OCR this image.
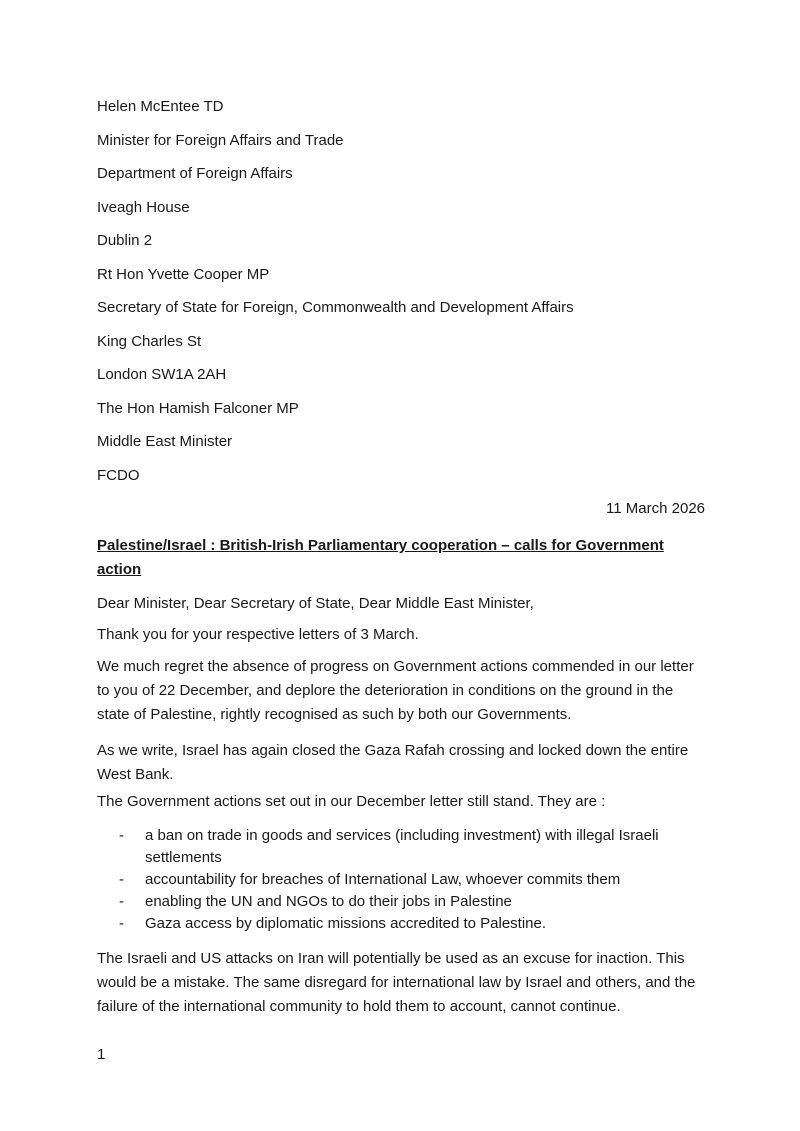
Helen McEntee TD
Minister for Foreign Affairs and Trade
Department of Foreign Affairs
Iveagh House
Dublin 2
Rt Hon Yvette Cooper MP
Secretary of State for Foreign, Commonwealth and Development Affairs
King Charles St
London SW1A 2AH
The Hon Hamish Falconer MP
Middle East Minister
FCDO
11 March 2026
Palestine/Israel : British-Irish Parliamentary cooperation – calls for Government action

Dear Minister, Dear Secretary of State, Dear Middle East Minister,

Thank you for your respective letters of 3 March.

We much regret the absence of progress on Government actions commended in our letter to you of 22 December, and deplore the deterioration in conditions on the ground in the state of Palestine, rightly recognised as such by both our Governments.

As we write, Israel has again closed the Gaza Rafah crossing and locked down the entire West Bank.

The Government actions set out in our December letter still stand. They are :

- a ban on trade in goods and services (including investment) with illegal Israeli settlements
- accountability for breaches of International Law, whoever commits them
- enabling the UN and NGOs to do their jobs in Palestine
- Gaza access by diplomatic missions accredited to Palestine.

The Israeli and US attacks on Iran will potentially be used as an excuse for inaction. This would be a mistake. The same disregard for international law by Israel and others, and the failure of the international community to hold them to account, cannot continue.

1
